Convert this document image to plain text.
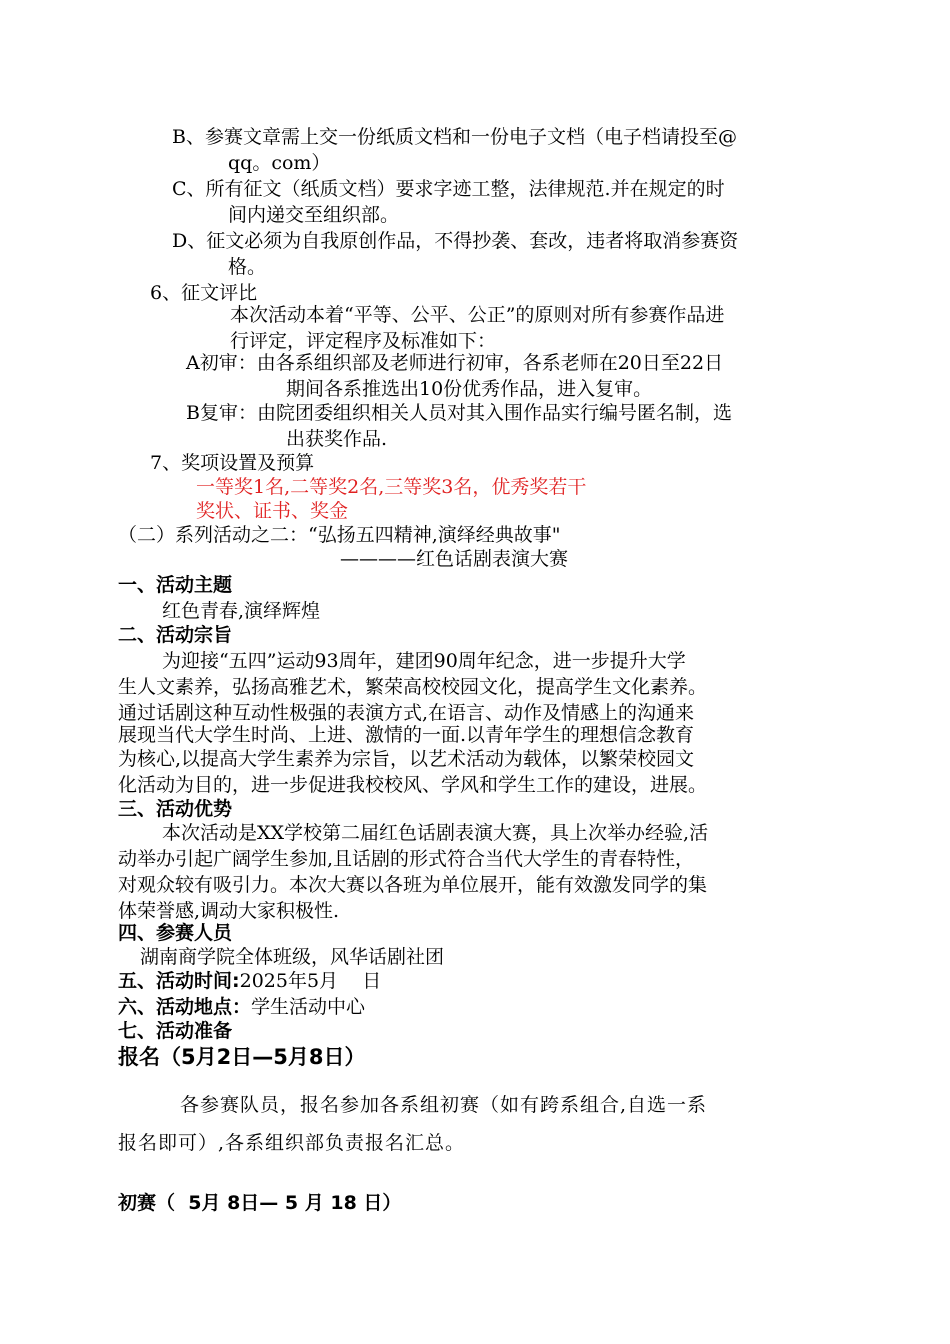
B、参赛文章需上交一份纸质文档和一份电子文档（电子档请投至@
qq。com）
C、所有征文（纸质文档）要求字迹工整，法律规范.并在规定的时
间内递交至组织部。
D、征文必须为自我原创作品，不得抄袭、套改，违者将取消参赛资
格。
6、征文评比
本次活动本着“平等、公平、公正”的原则对所有参赛作品进
行评定，评定程序及标准如下：
A初审：由各系组织部及老师进行初审，各系老师在20日至22日
期间各系推选出10份优秀作品，进入复审。
B复审：由院团委组织相关人员对其入围作品实行编号匿名制，选
出获奖作品.
7、奖项设置及预算
一等奖1名,二等奖2名,三等奖3名，优秀奖若干
奖状、证书、奖金
（二）系列活动之二：“弘扬五四精神,演绎经典故事"
————红色话剧表演大赛
一、活动主题
红色青春,演绎辉煌
二、活动宗旨
为迎接“五四”运动93周年，建团90周年纪念，进一步提升大学
生人文素养，弘扬高雅艺术，繁荣高校校园文化，提高学生文化素养。
通过话剧这种互动性极强的表演方式,在语言、动作及情感上的沟通来
展现当代大学生时尚、上进、激情的一面.以青年学生的理想信念教育
为核心,以提高大学生素养为宗旨，以艺术活动为载体，以繁荣校园文
化活动为目的，进一步促进我校校风、学风和学生工作的建设，进展。
三、活动优势
本次活动是XX学校第二届红色话剧表演大赛，具上次举办经验,活
动举办引起广阔学生参加,且话剧的形式符合当代大学生的青春特性，
对观众较有吸引力。本次大赛以各班为单位展开，能有效激发同学的集
体荣誉感,调动大家积极性.
四、参赛人员
湖南商学院全体班级，风华话剧社团
五、活动时间:2025年5月    日
六、活动地点：学生活动中心
七、活动准备
报名（5月2日—5月8日）
各参赛队员，报名参加各系组初赛（如有跨系组合,自选一系
报名即可）,各系组织部负责报名汇总。
初赛（  5月 8日— 5 月 18 日）
